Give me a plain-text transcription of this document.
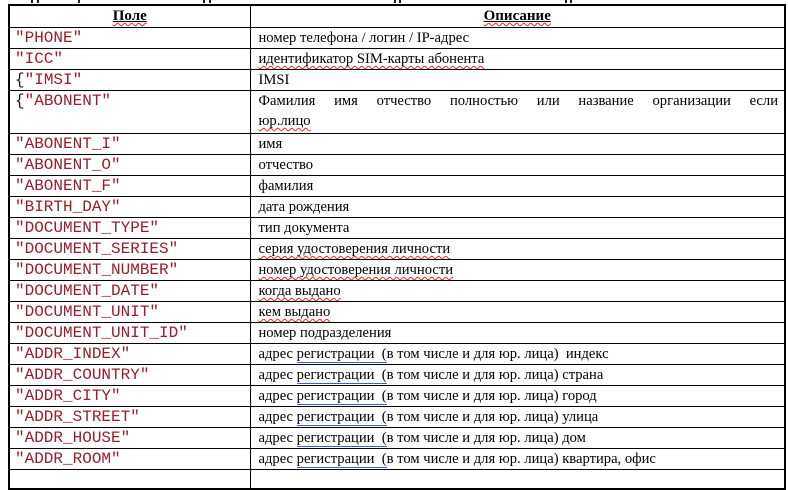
Поле	Описание
"PHONE"	номер телефона / логин / IP-адрес
"ICC"	идентификатор SIM-карты абонента
{"IMSI"	IMSI
{"ABONENT"	Фамилия имя отчество полностью или название организации если
юр.лицо

"ABONENT_I"	имя
"ABONENT_O"	отчество
"ABONENT_F"	фамилия
"BIRTH_DAY"	дата рождения
"DOCUMENT_TYPE"	тип документа
"DOCUMENT_SERIES"	серия удостоверения личности
"DOCUMENT_NUMBER"	номер удостоверения личности
"DOCUMENT_DATE"	когда выдано
"DOCUMENT_UNIT"	кем выдано
"DOCUMENT_UNIT_ID"	номер подразделения
"ADDR_INDEX"	адрес регистрации  (в том числе и для юр. лица)  индекс
"ADDR_COUNTRY"	адрес регистрации  (в том числе и для юр. лица) страна
"ADDR_CITY"	адрес регистрации  (в том числе и для юр. лица) город
"ADDR_STREET"	адрес регистрации  (в том числе и для юр. лица) улица
"ADDR_HOUSE"	адрес регистрации  (в том числе и для юр. лица) дом
"ADDR_ROOM"	адрес регистрации  (в том числе и для юр. лица) квартира, офис
